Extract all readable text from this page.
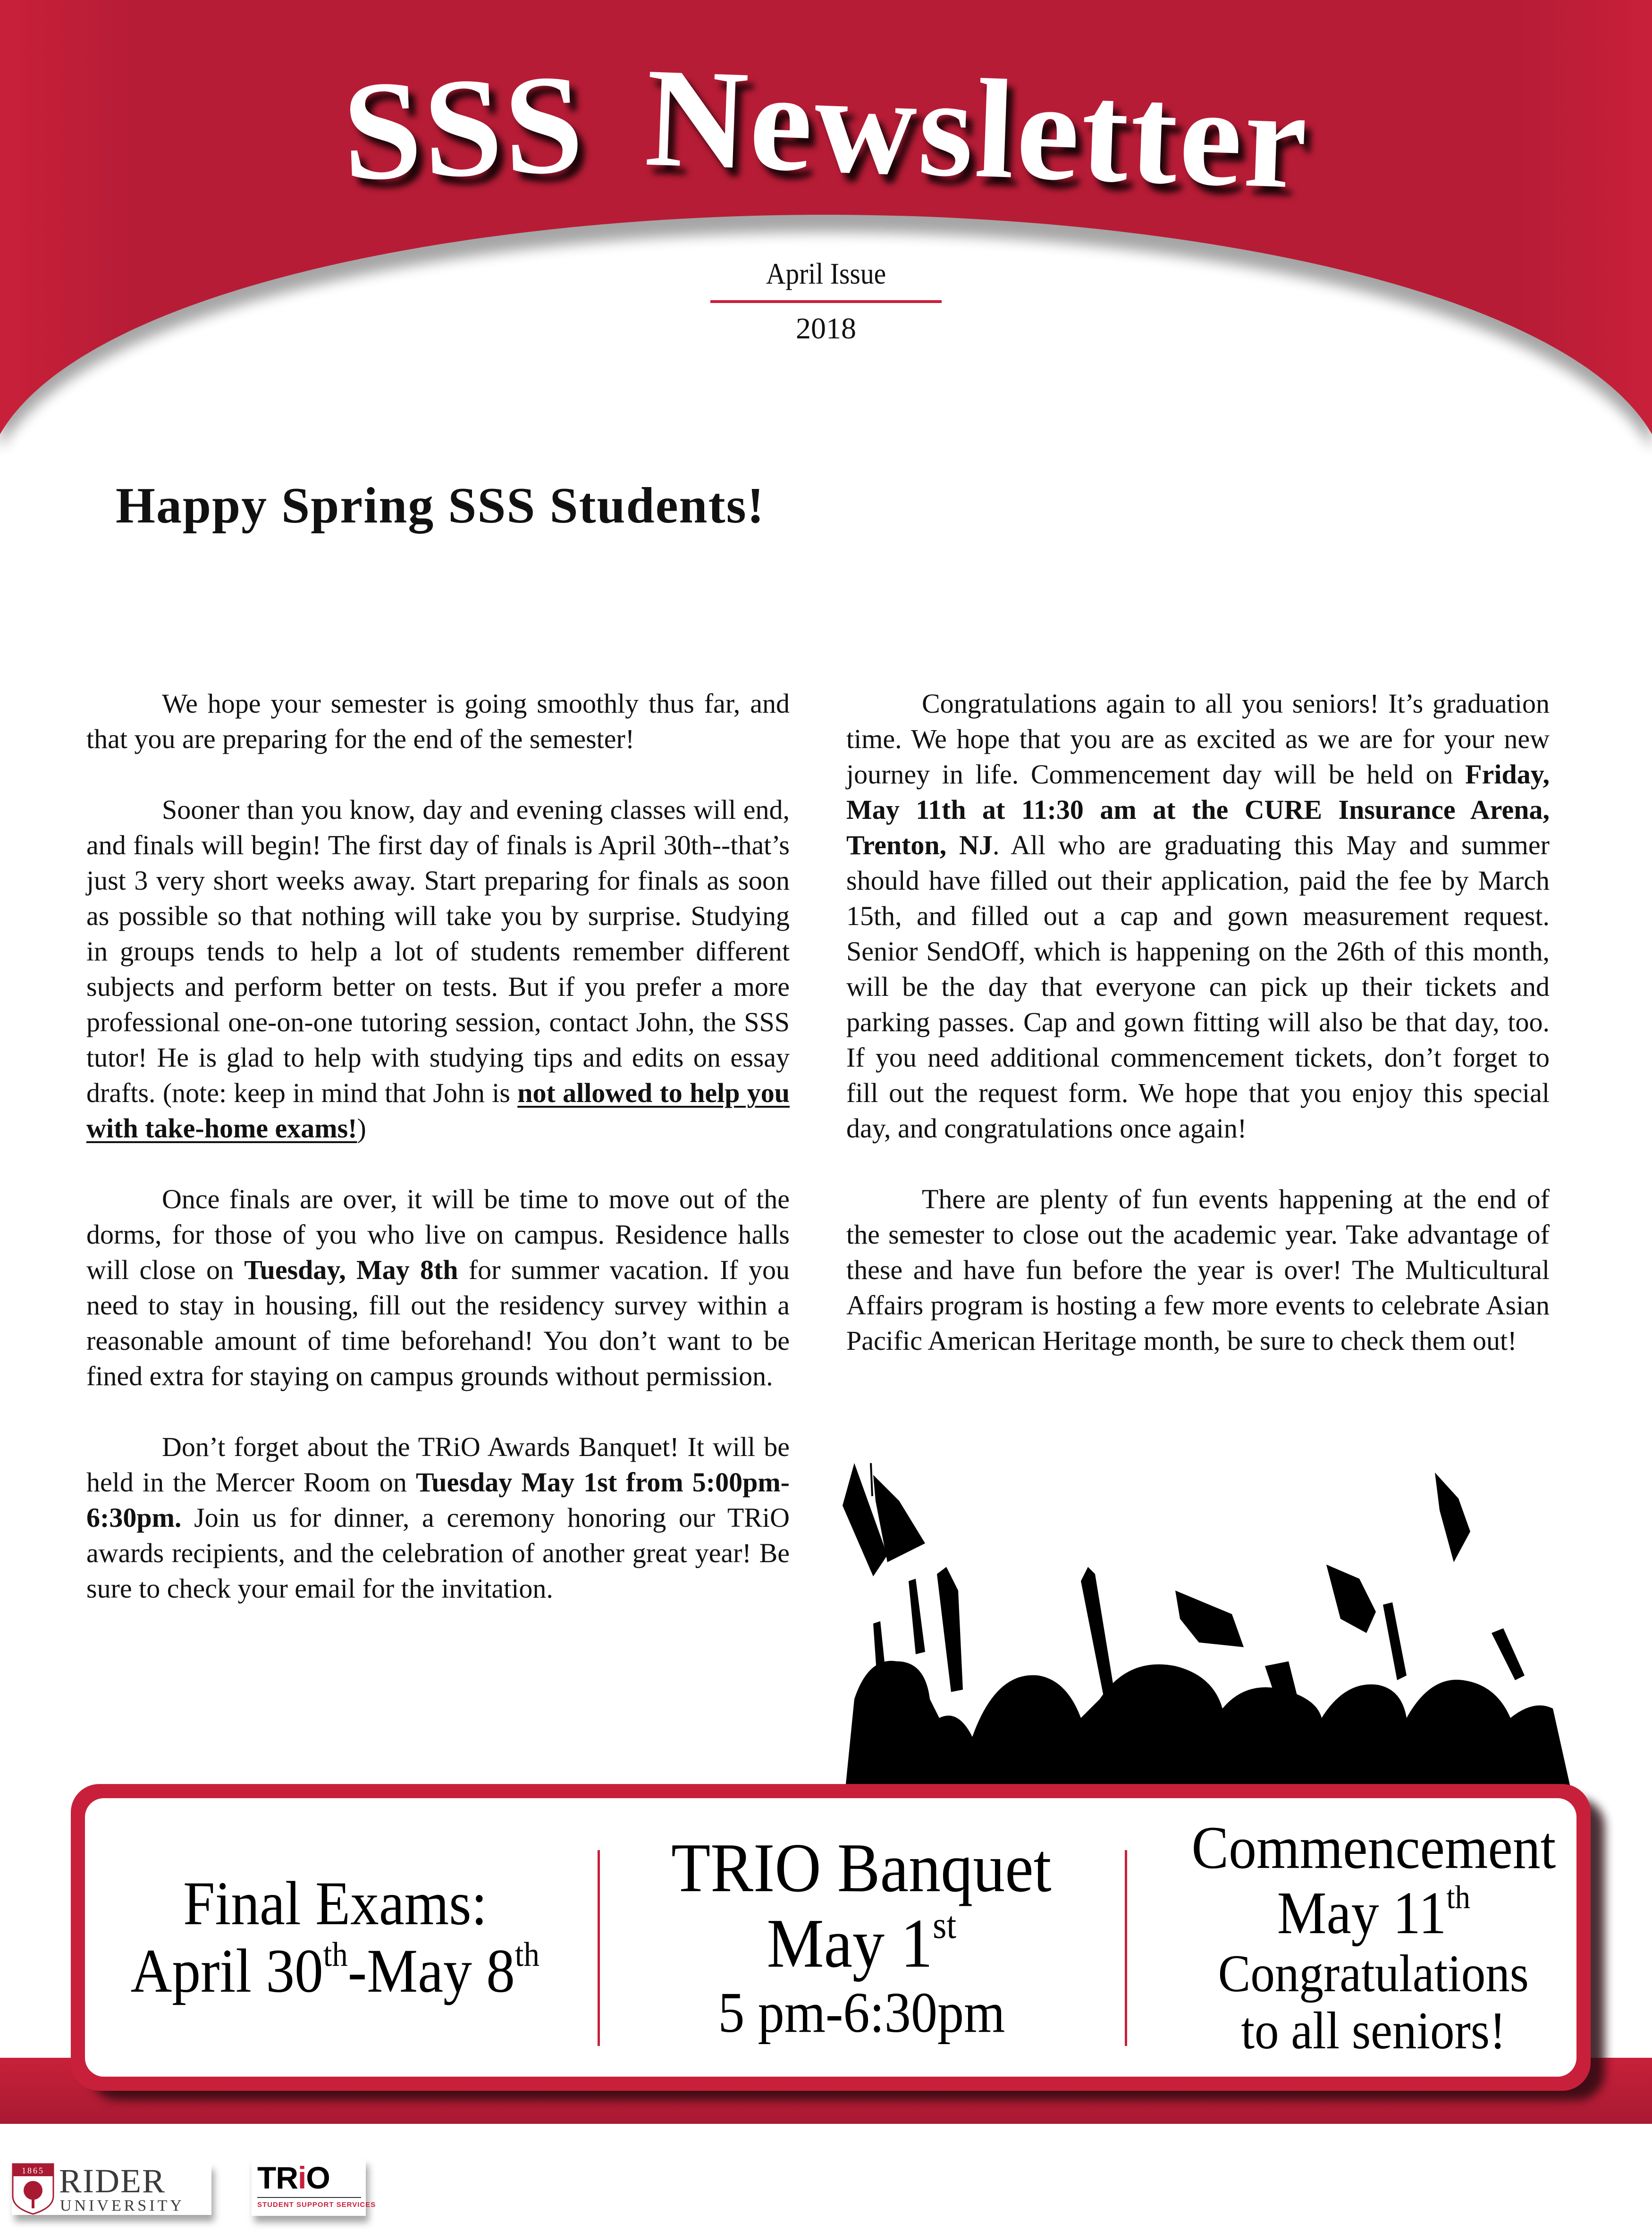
SSS Newsletter
April Issue
2018
Happy Spring SSS Students!

We hope your semester is going smoothly thus far, and that you are preparing for the end of the semester!

Sooner than you know, day and evening classes will end, and finals will begin! The first day of finals is April 30th--that’s just 3 very short weeks away. Start preparing for finals as soon as possible so that nothing will take you by surprise. Studying in groups tends to help a lot of students remember different subjects and perform better on tests. But if you prefer a more professional one-on-one tutoring session, contact John, the SSS tutor! He is glad to help with studying tips and edits on essay drafts. (note: keep in mind that John is not allowed to help you with take-home exams!)

Once finals are over, it will be time to move out of the dorms, for those of you who live on campus. Residence halls will close on Tuesday, May 8th for summer vacation. If you need to stay in housing, fill out the residency survey within a reasonable amount of time beforehand! You don’t want to be fined extra for staying on campus grounds without permission.

Don’t forget about the TRiO Awards Banquet! It will be held in the Mercer Room on Tuesday May 1st from 5:00pm-6:30pm. Join us for dinner, a ceremony honoring our TRiO awards recipients, and the celebration of another great year! Be sure to check your email for the invitation.

Congratulations again to all you seniors! It’s graduation time. We hope that you are as excited as we are for your new journey in life. Commencement day will be held on Friday, May 11th at 11:30 am at the CURE Insurance Arena, Trenton, NJ. All who are graduating this May and summer should have filled out their application, paid the fee by March 15th, and filled out a cap and gown measurement request. Senior SendOff, which is happening on the 26th of this month, will be the day that everyone can pick up their tickets and parking passes. Cap and gown fitting will also be that day, too. If you need additional commencement tickets, don’t forget to fill out the request form. We hope that you enjoy this special day, and congratulations once again!

There are plenty of fun events happening at the end of the semester to close out the academic year. Take advantage of these and have fun before the year is over! The Multicultural Affairs program is hosting a few more events to celebrate Asian Pacific American Heritage month, be sure to check them out!

Final Exams:
April 30th-May 8th
TRIO Banquet
May 1st
5 pm-6:30pm
Commencement
May 11th
Congratulations
to all seniors!
1865 RIDER
UNIVERSITY
TRiO
STUDENT SUPPORT SERVICES
